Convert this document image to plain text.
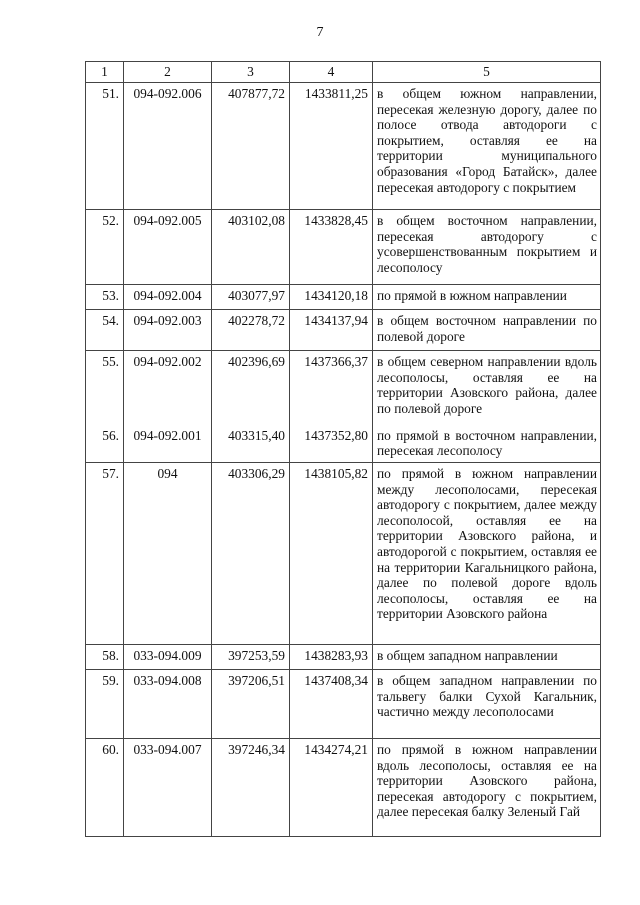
7
1	2	3	4	5
51.	094-092.006	407877,72	1433811,25	в общем южном направлении, пересекая железную дорогу, далее по полосе отвода автодороги с покрытием, оставляя ее на территории муниципального образования «Город Батайск», далее пересекая автодорогу с покрытием
52.	094-092.005	403102,08	1433828,45	в общем восточном направлении, пересекая автодорогу с усовершенствованным покрытием и лесополосу
53.	094-092.004	403077,97	1434120,18	по прямой в южном направлении
54.	094-092.003	402278,72	1434137,94	в общем восточном направлении по полевой дороге
55.	094-092.002	402396,69	1437366,37	в общем северном направлении вдоль лесополосы, оставляя ее на территории Азовского района, далее по полевой дороге
56.	094-092.001	403315,40	1437352,80	по прямой в восточном направлении, пересекая лесополосу
57.	094	403306,29	1438105,82	по прямой в южном направлении между лесополосами, пересекая автодорогу с покрытием, далее между лесополосой, оставляя ее на территории Азовского района, и автодорогой с покрытием, оставляя ее на территории Кагальницкого района, далее по полевой дороге вдоль лесополосы, оставляя ее на территории Азовского района
58.	033-094.009	397253,59	1438283,93	в общем западном направлении
59.	033-094.008	397206,51	1437408,34	в общем западном направлении по тальвегу балки Сухой Кагальник, частично между лесополосами
60.	033-094.007	397246,34	1434274,21	по прямой в южном направлении вдоль лесополосы, оставляя ее на территории Азовского района, пересекая автодорогу с покрытием, далее пересекая балку Зеленый Гай
